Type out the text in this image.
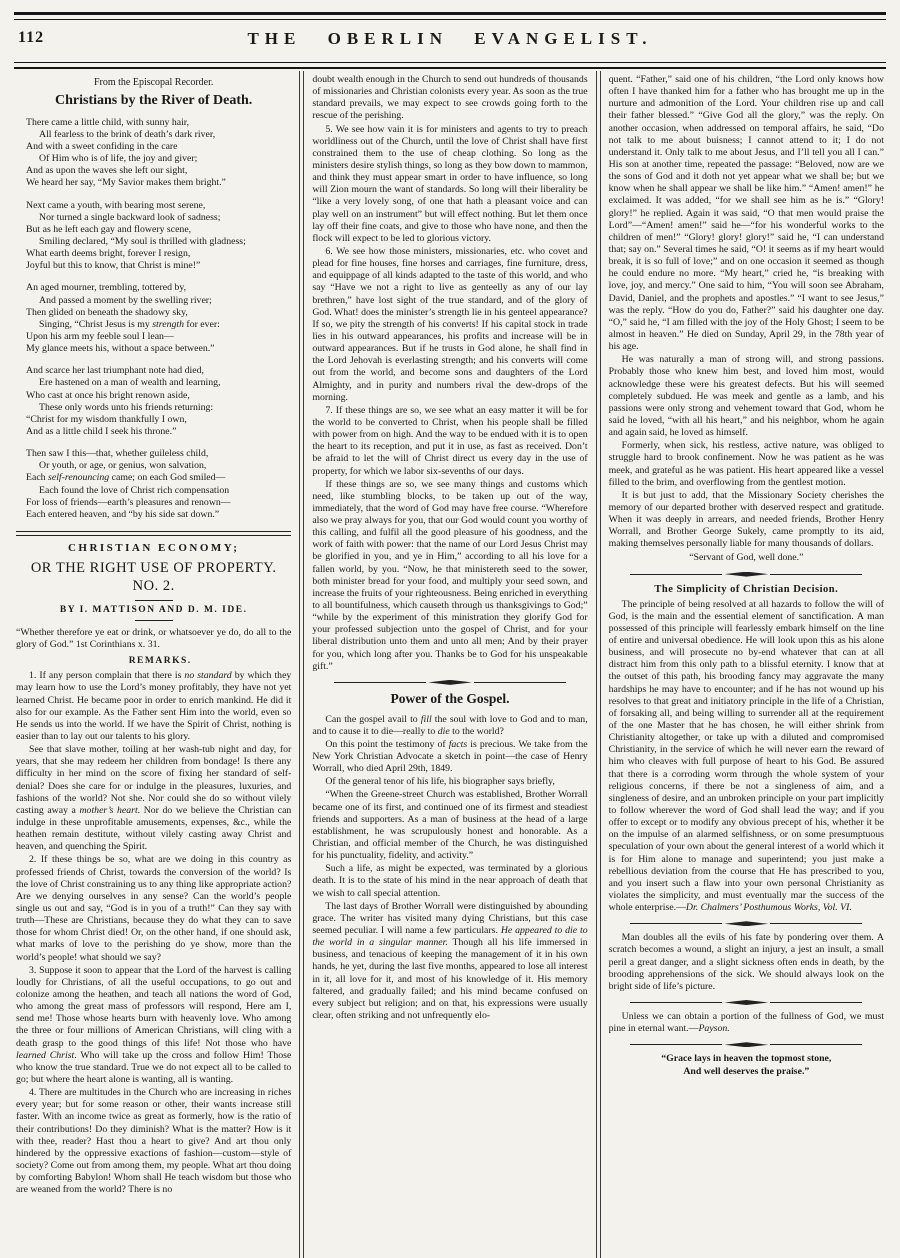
112	THE OBERLIN EVANGELIST.

From the Episcopal Recorder.

Christians by the River of Death.

There came a little child, with sunny hair,
All fearless to the brink of death’s dark river,
And with a sweet confiding in the care
Of Him who is of life, the joy and giver;
And as upon the waves she left our sight,
We heard her say, “My Savior makes them bright.”
Next came a youth, with bearing most serene,
Nor turned a single backward look of sadness;
But as he left each gay and flowery scene,
Smiling declared, “My soul is thrilled with gladness;
What earth deems bright, forever I resign,
Joyful but this to know, that Christ is mine!”
An aged mourner, trembling, tottered by,
And passed a moment by the swelling river;
Then glided on beneath the shadowy sky,
Singing, “Christ Jesus is my strength for ever:
Upon his arm my feeble soul I lean—
My glance meets his, without a space between.”
And scarce her last triumphant note had died,
Ere hastened on a man of wealth and learning,
Who cast at once his bright renown aside,
These only words unto his friends returning:
“Christ for my wisdom thankfully I own,
And as a little child I seek his throne.”
Then saw I this—that, whether guileless child,
Or youth, or age, or genius, won salvation,
Each self-renouncing came; on each God smiled—
Each found the love of Christ rich compensation
For loss of friends—earth’s pleasures and renown—
Each entered heaven, and “by his side sat down.”

CHRISTIAN ECONOMY;

OR THE RIGHT USE OF PROPERTY. NO. 2.

BY I. MATTISON AND D. M. IDE.

“Whether therefore ye eat or drink, or whatsoever ye do, do all to the glory of God.” 1st Corinthians x. 31.

REMARKS.

1. If any person complain that there is no standard by which they may learn how to use the Lord’s money profitably, they have not yet learned Christ. He became poor in order to enrich mankind. He did it also for our example. As the Father sent Him into the world, even so He sends us into the world. If we have the Spirit of Christ, nothing is easier than to lay out our talents to his glory.

See that slave mother, toiling at her wash-tub night and day, for years, that she may redeem her children from bondage! Is there any difficulty in her mind on the score of fixing her standard of self-denial? Does she care for or indulge in the pleasures, luxuries, and fashions of the world? Not she. Nor could she do so without vilely casting away a mother’s heart. Nor do we believe the Christian can indulge in these unprofitable amusements, expenses, &c., while the heathen remain destitute, without vilely casting away Christ and heaven, and quenching the Spirit.

2. If these things be so, what are we doing in this country as professed friends of Christ, towards the conversion of the world? Is the love of Christ constraining us to any thing like appropriate action? Are we denying ourselves in any sense? Can the world’s people single us out and say, “God is in you of a truth!” Can they say with truth—These are Christians, because they do what they can to save those for whom Christ died! Or, on the other hand, if one should ask, what marks of love to the perishing do ye show, more than the world’s people! what should we say?

3. Suppose it soon to appear that the Lord of the harvest is calling loudly for Christians, of all the useful occupations, to go out and colonize among the heathen, and teach all nations the word of God, who among the great mass of professors will respond, Here am I, send me! Those whose hearts burn with heavenly love. Who among the three or four millions of American Christians, will cling with a death grasp to the good things of this life! Not those who have learned Christ. Who will take up the cross and follow Him! Those who know the true standard. True we do not expect all to be called to go; but where the heart alone is wanting, all is wanting.

4. There are multitudes in the Church who are increasing in riches every year; but for some reason or other, their wants increase still faster. With an income twice as great as formerly, how is the ratio of their contributions! Do they diminish? What is the matter? How is it with thee, reader? Hast thou a heart to give? And art thou only hindered by the oppressive exactions of fashion—custom—style of society? Come out from among them, my people. What art thou doing by comforting Babylon! Whom shall He teach wisdom but those who are weaned from the world? There is no

doubt wealth enough in the Church to send out hundreds of thousands of missionaries and Christian colonists every year. As soon as the true standard prevails, we may expect to see crowds going forth to the rescue of the perishing.

5. We see how vain it is for ministers and agents to try to preach worldliness out of the Church, until the love of Christ shall have first constrained them to the use of cheap clothing. So long as the ministers desire stylish things, so long as they bow down to mammon, and think they must appear smart in order to have influence, so long will Zion mourn the want of standards. So long will their liberality be “like a very lovely song, of one that hath a pleasant voice and can play well on an instrument” but will effect nothing. But let them once lay off their fine coats, and give to those who have none, and then the flock will expect to be led to glorious victory.

6. We see how those ministers, missionaries, etc. who covet and plead for fine houses, fine horses and carriages, fine furniture, dress, and equippage of all kinds adapted to the taste of this world, and who say “Have we not a right to live as genteelly as any of our lay brethren,” have lost sight of the true standard, and of the glory of God. What! does the minister’s strength lie in his genteel appearance? If so, we pity the strength of his converts! If his capital stock in trade lies in his outward appearances, his profits and increase will be in outward appearances. But if he trusts in God alone, he shall find in the Lord Jehovah is everlasting strength; and his converts will come out from the world, and become sons and daughters of the Lord Almighty, and in purity and numbers rival the dew-drops of the morning.

7. If these things are so, we see what an easy matter it will be for the world to be converted to Christ, when his people shall be filled with power from on high. And the way to be endued with it is to open the heart to its reception, and put it in use, as fast as received. Don’t be afraid to let the will of Christ direct us every day in the use of property, for which we labor six-sevenths of our days.

If these things are so, we see many things and customs which need, like stumbling blocks, to be taken up out of the way, immediately, that the word of God may have free course. “Wherefore also we pray always for you, that our God would count you worthy of this calling, and fulfil all the good pleasure of his goodness, and the work of faith with power: that the name of our Lord Jesus Christ may be glorified in you, and ye in Him,” according to all his love for a fallen world, by you. “Now, he that ministereth seed to the sower, both minister bread for your food, and multiply your seed sown, and increase the fruits of your righteousness. Being enriched in everything to all bountifulness, which causeth through us thanksgivings to God;” “while by the experiment of this ministration they glorify God for your professed subjection unto the gospel of Christ, and for your liberal distribution unto them and unto all men; And by their prayer for you, which long after you. Thanks be to God for his unspeakable gift.”

Power of the Gospel.

Can the gospel avail to fill the soul with love to God and to man, and to cause it to die—really to die to the world?

On this point the testimony of facts is precious. We take from the New York Christian Advocate a sketch in point—the case of Henry Worrall, who died April 29th, 1849.

Of the general tenor of his life, his biographer says briefly,

“When the Greene-street Church was established, Brother Worrall became one of its first, and continued one of its firmest and steadiest friends and supporters. As a man of business at the head of a large establishment, he was scrupulously honest and honorable. As a Christian, and official member of the Church, he was distinguished for his punctuality, fidelity, and activity.”

Such a life, as might be expected, was terminated by a glorious death. It is to the state of his mind in the near approach of death that we wish to call special attention.

The last days of Brother Worrall were distinguished by abounding grace. The writer has visited many dying Christians, but this case seemed peculiar. I will name a few particulars. He appeared to die to the world in a singular manner. Though all his life immersed in business, and tenacious of keeping the management of it in his own hands, he yet, during the last five months, appeared to lose all interest in it, all love for it, and most of his knowledge of it. His memory faltered, and gradually failed; and his mind became confused on every subject but religion; and on that, his expressions were usually clear, often striking and not unfrequently elo-

quent. “Father,” said one of his children, “the Lord only knows how often I have thanked him for a father who has brought me up in the nurture and admonition of the Lord. Your children rise up and call their father blessed.” “Give God all the glory,” was the reply. On another occasion, when addressed on temporal affairs, he said, “Do not talk to me about buisness; I cannot attend to it; I do not understand it. Only talk to me about Jesus, and I’ll tell you all I can.” His son at another time, repeated the passage: “Beloved, now are we the sons of God and it doth not yet appear what we shall be; but we know when he shall appear we shall be like him.” “Amen! amen!” he exclaimed. It was added, “for we shall see him as he is.” “Glory! glory!” he replied. Again it was said, “O that men would praise the Lord”—“Amen! amen!” said he—“for his wonderful works to the children of men!” “Glory! glory! glory!” said he, “I can understand that; say on.” Several times he said, “O! it seems as if my heart would break, it is so full of love;” and on one occasion it seemed as though he could endure no more. “My heart,” cried he, “is breaking with love, joy, and mercy.” One said to him, “You will soon see Abraham, David, Daniel, and the prophets and apostles.” “I want to see Jesus,” was the reply. “How do you do, Father?” said his daughter one day. “O,” said he, “I am filled with the joy of the Holy Ghost; I seem to be almost in heaven.” He died on Sunday, April 29, in the 78th year of his age.

He was naturally a man of strong will, and strong passions. Probably those who knew him best, and loved him most, would acknowledge these were his greatest defects. But his will seemed completely subdued. He was meek and gentle as a lamb, and his passions were only strong and vehement toward that God, whom he said he loved, “with all his heart,” and his neighbor, whom he again and again said, he loved as himself.

Formerly, when sick, his restless, active nature, was obliged to struggle hard to brook confinement. Now he was patient as he was meek, and grateful as he was patient. His heart appeared like a vessel filled to the brim, and overflowing from the gentlest motion.

It is but just to add, that the Missionary Society cherishes the memory of our departed brother with deserved respect and gratitude. When it was deeply in arrears, and needed friends, Brother Henry Worrall, and Brother George Sukely, came promptly to its aid, making themselves personally liable for many thousands of dollars.

“Servant of God, well done.”

The Simplicity of Christian Decision.

The principle of being resolved at all hazards to follow the will of God, is the main and the essential element of sanctification. A man possessed of this principle will fearlessly embark himself on the line of entire and universal obedience. He will look upon this as his alone business, and will prosecute no by-end whatever that can at all distract him from this only path to a blissful eternity. I know that at the outset of this path, his brooding fancy may aggravate the many hardships he may have to encounter; and if he has not wound up his resolves to that great and initiatory principle in the life of a Christian, of forsaking all, and being willing to surrender all at the requirement of the one Master that he has chosen, he will either shrink from Christianity altogether, or take up with a diluted and compromised Christianity, in the service of which he will never earn the reward of him who cleaves with full purpose of heart to his God. Be assured that there is a corroding worm through the whole system of your religious concerns, if there be not a singleness of aim, and a singleness of desire, and an unbroken principle on your part implicitly to follow wherever the word of God shall lead the way; and if you offer to except or to modify any obvious precept of his, whether it be on the impulse of an alarmed selfishness, or on some presumptuous speculation of your own about the general interest of a world which it is for Him alone to manage and superintend; you just make a rebellious deviation from the course that He has prescribed to you, and you insert such a flaw into your own personal Christianity as violates the simplicity, and must eventually mar the success of the whole enterprise.—Dr. Chalmers’ Posthumous Works, Vol. VI.

Man doubles all the evils of his fate by pondering over them. A scratch becomes a wound, a slight an injury, a jest an insult, a small peril a great danger, and a slight sickness often ends in death, by the brooding apprehensions of the sick. We should always look on the bright side of life’s picture.

Unless we can obtain a portion of the fullness of God, we must pine in eternal want.—Payson.

“Grace lays in heaven the topmost stone,
And well deserves the praise.”
